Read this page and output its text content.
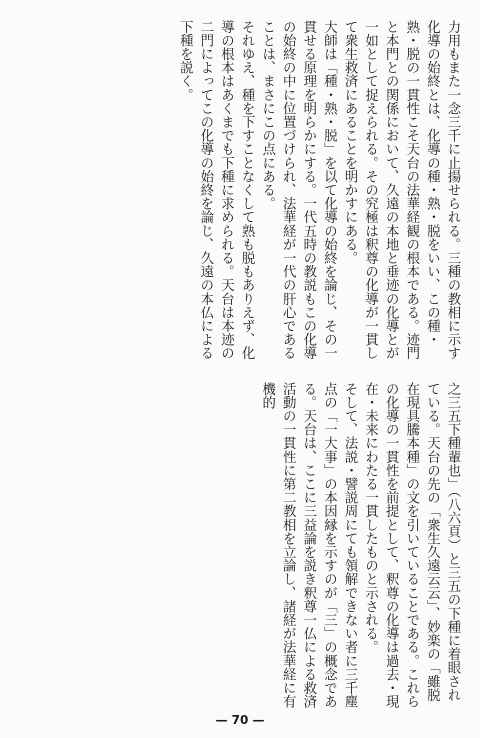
力用もまた一念三千に止揚せられる。三種の教相に示す化導の始終とは、化導の種・熟・脱をいい、この種・熟・脱の一貫性こそ天台の法華経観の根本である。迹門と本門との関係において、久遠の本地と垂迹の化導とが一如として捉えられる。その究極は釈尊の化導が一貫して衆生救済にあることを明かすにある。

大師は「種・熟・脱」を以て化導の始終を論じ、その一貫せる原理を明らかにする。一代五時の教説もこの化導の始終の中に位置づけられ、法華経が一代の肝心であることは、まさにこの点にある。

それゆえ、種を下すことなくして熟も脱もありえず、化導の根本はあくまでも下種に求められる。天台は本迹の二門によってこの化導の始終を論じ、久遠の本仏による下種を説く。

之三五下種輩也」（八六頁）と三五の下種に着眼されている。天台の先の「衆生久遠云云」、妙楽の「雖脱在現具騰本種」の文を引いていることである。これらの化導の一貫性を前提として、釈尊の化導は過去・現在・未来にわたる一貫したものと示される。

そして、法説・譬説周にても領解できない者に三千塵点の「一大事」の本因縁を示すのが「三」の概念である。天台は、ここに三益論を説き釈尊一仏による救済活動の一貫性に第二教相を立論し、諸経が法華経に有機的

— 70 —
